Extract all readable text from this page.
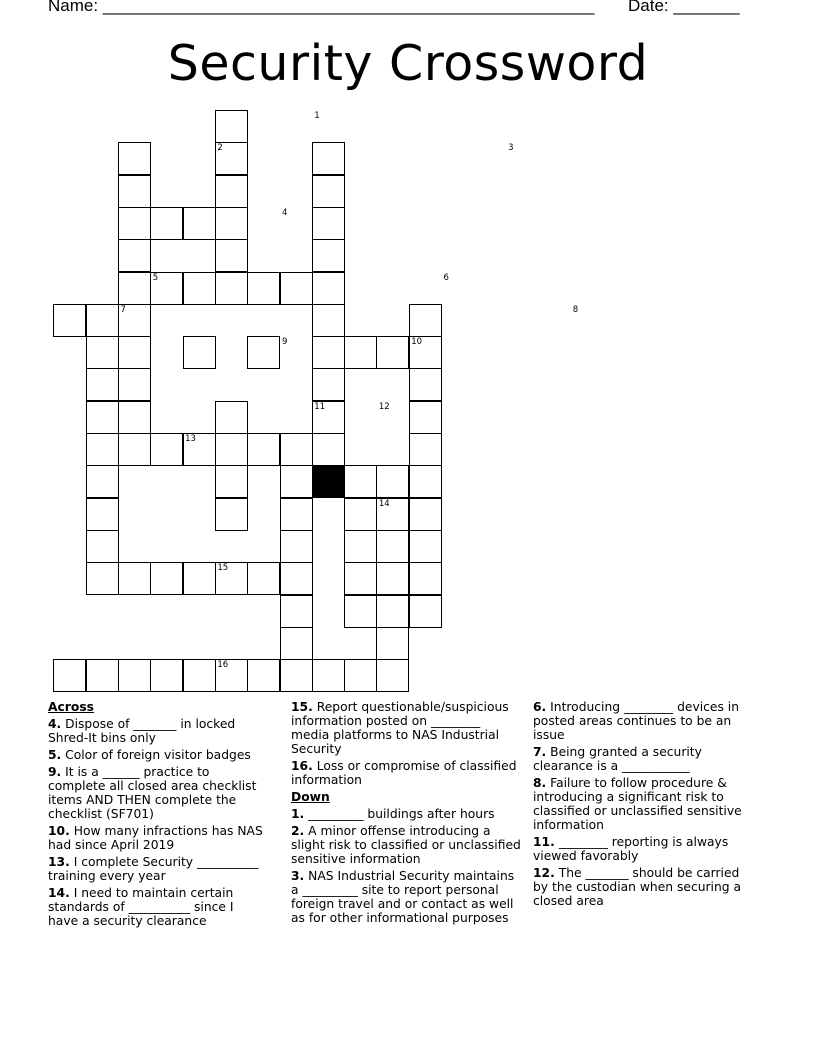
Name: ____________________________________________________ Date: _______
Security Crossword
1
2	3
4
5	6
7	8
9	10
11	12
13
14
15
16
Across
4. Dispose of _______ in locked Shred-It bins only
5. Color of foreign visitor badges
9. It is a ______ practice to complete all closed area checklist items AND THEN complete the checklist (SF701)
10. How many infractions has NAS had since April 2019
13. I complete Security __________ training every year
14. I need to maintain certain standards of __________ since I have a security clearance
15. Report questionable/suspicious information posted on ________ media platforms to NAS Industrial Security
16. Loss or compromise of classified information
Down
1. _________ buildings after hours
2. A minor offense introducing a slight risk to classified or unclassified sensitive information
3. NAS Industrial Security maintains a _________ site to report personal foreign travel and or contact as well as for other informational purposes
6. Introducing ________ devices in posted areas continues to be an issue
7. Being granted a security clearance is a ___________
8. Failure to follow procedure & introducing a significant risk to classified or unclassified sensitive information
11. ________ reporting is always viewed favorably
12. The _______ should be carried by the custodian when securing a closed area
